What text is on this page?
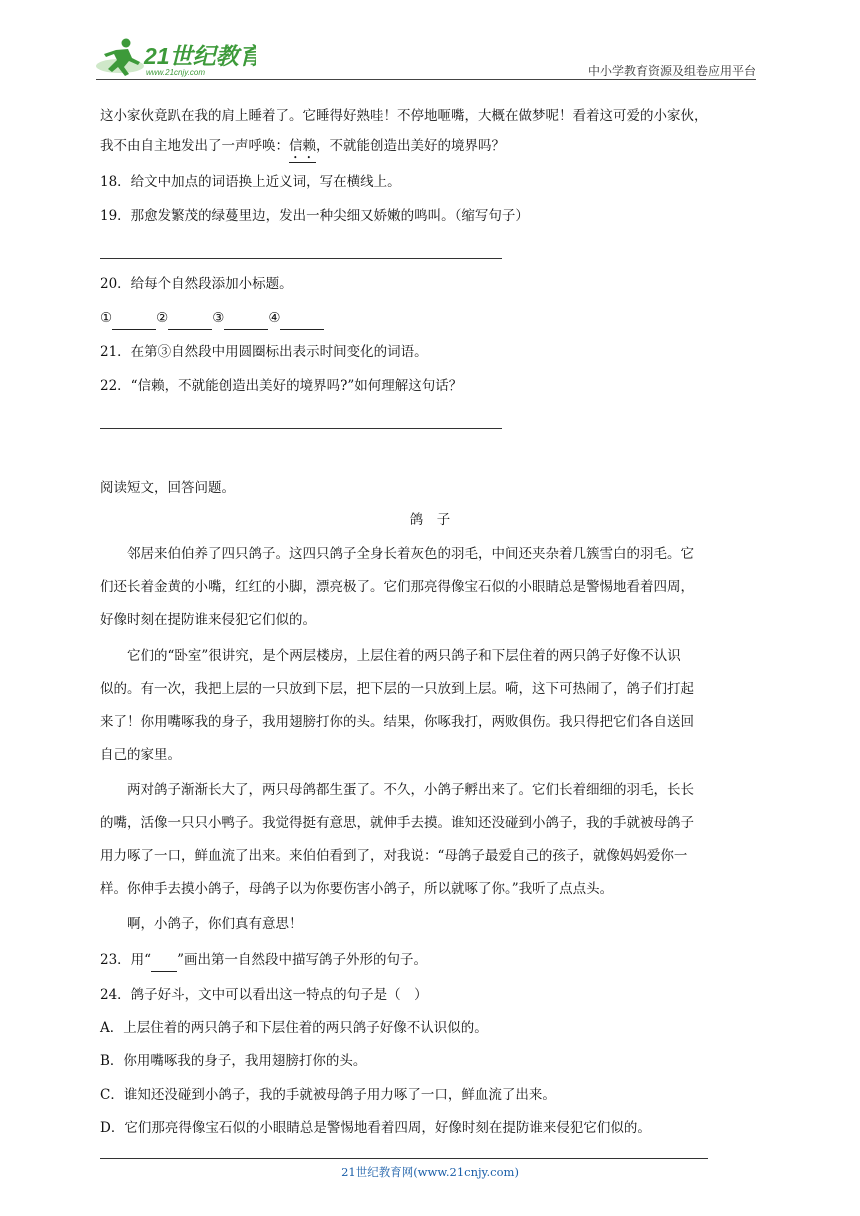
21世纪教育
www.21cnjy.com	中小学教育资源及组卷应用平台
这小家伙竟趴在我的肩上睡着了。它睡得好熟哇！不停地咂嘴，大概在做梦呢！看着这可爱的小家伙，
我不由自主地发出了一声呼唤：信赖，不就能创造出美好的境界吗？
18．给文中加点的词语换上近义词，写在横线上。
19．那愈发繁茂的绿蔓里边，发出一种尖细又娇嫩的鸣叫。（缩写句子）
20．给每个自然段添加小标题。
①	②	③	④
21．在第③自然段中用圆圈标出表示时间变化的词语。
22．“信赖，不就能创造出美好的境界吗?”如何理解这句话？
阅读短文，回答问题。
鸽　子
　　邻居来伯伯养了四只鸽子。这四只鸽子全身长着灰色的羽毛，中间还夹杂着几簇雪白的羽毛。它
们还长着金黄的小嘴，红红的小脚，漂亮极了。它们那亮得像宝石似的小眼睛总是警惕地看着四周，
好像时刻在提防谁来侵犯它们似的。
　　它们的“卧室”很讲究，是个两层楼房，上层住着的两只鸽子和下层住着的两只鸽子好像不认识
似的。有一次，我把上层的一只放到下层，把下层的一只放到上层。嗬，这下可热闹了，鸽子们打起
来了！你用嘴啄我的身子，我用翅膀打你的头。结果，你啄我打，两败俱伤。我只得把它们各自送回
自己的家里。
　　两对鸽子渐渐长大了，两只母鸽都生蛋了。不久，小鸽子孵出来了。它们长着细细的羽毛，长长
的嘴，活像一只只小鸭子。我觉得挺有意思，就伸手去摸。谁知还没碰到小鸽子，我的手就被母鸽子
用力啄了一口，鲜血流了出来。来伯伯看到了，对我说：“母鸽子最爱自己的孩子，就像妈妈爱你一
样。你伸手去摸小鸽子，母鸽子以为你要伤害小鸽子，所以就啄了你。”我听了点点头。
　　啊，小鸽子，你们真有意思！
23．用“ ”画出第一自然段中描写鸽子外形的句子。
24．鸽子好斗，文中可以看出这一特点的句子是（　）
A．上层住着的两只鸽子和下层住着的两只鸽子好像不认识似的。
B．你用嘴啄我的身子，我用翅膀打你的头。
C．谁知还没碰到小鸽子，我的手就被母鸽子用力啄了一口，鲜血流了出来。
D．它们那亮得像宝石似的小眼睛总是警惕地看着四周，好像时刻在提防谁来侵犯它们似的。
21世纪教育网(www.21cnjy.com)
